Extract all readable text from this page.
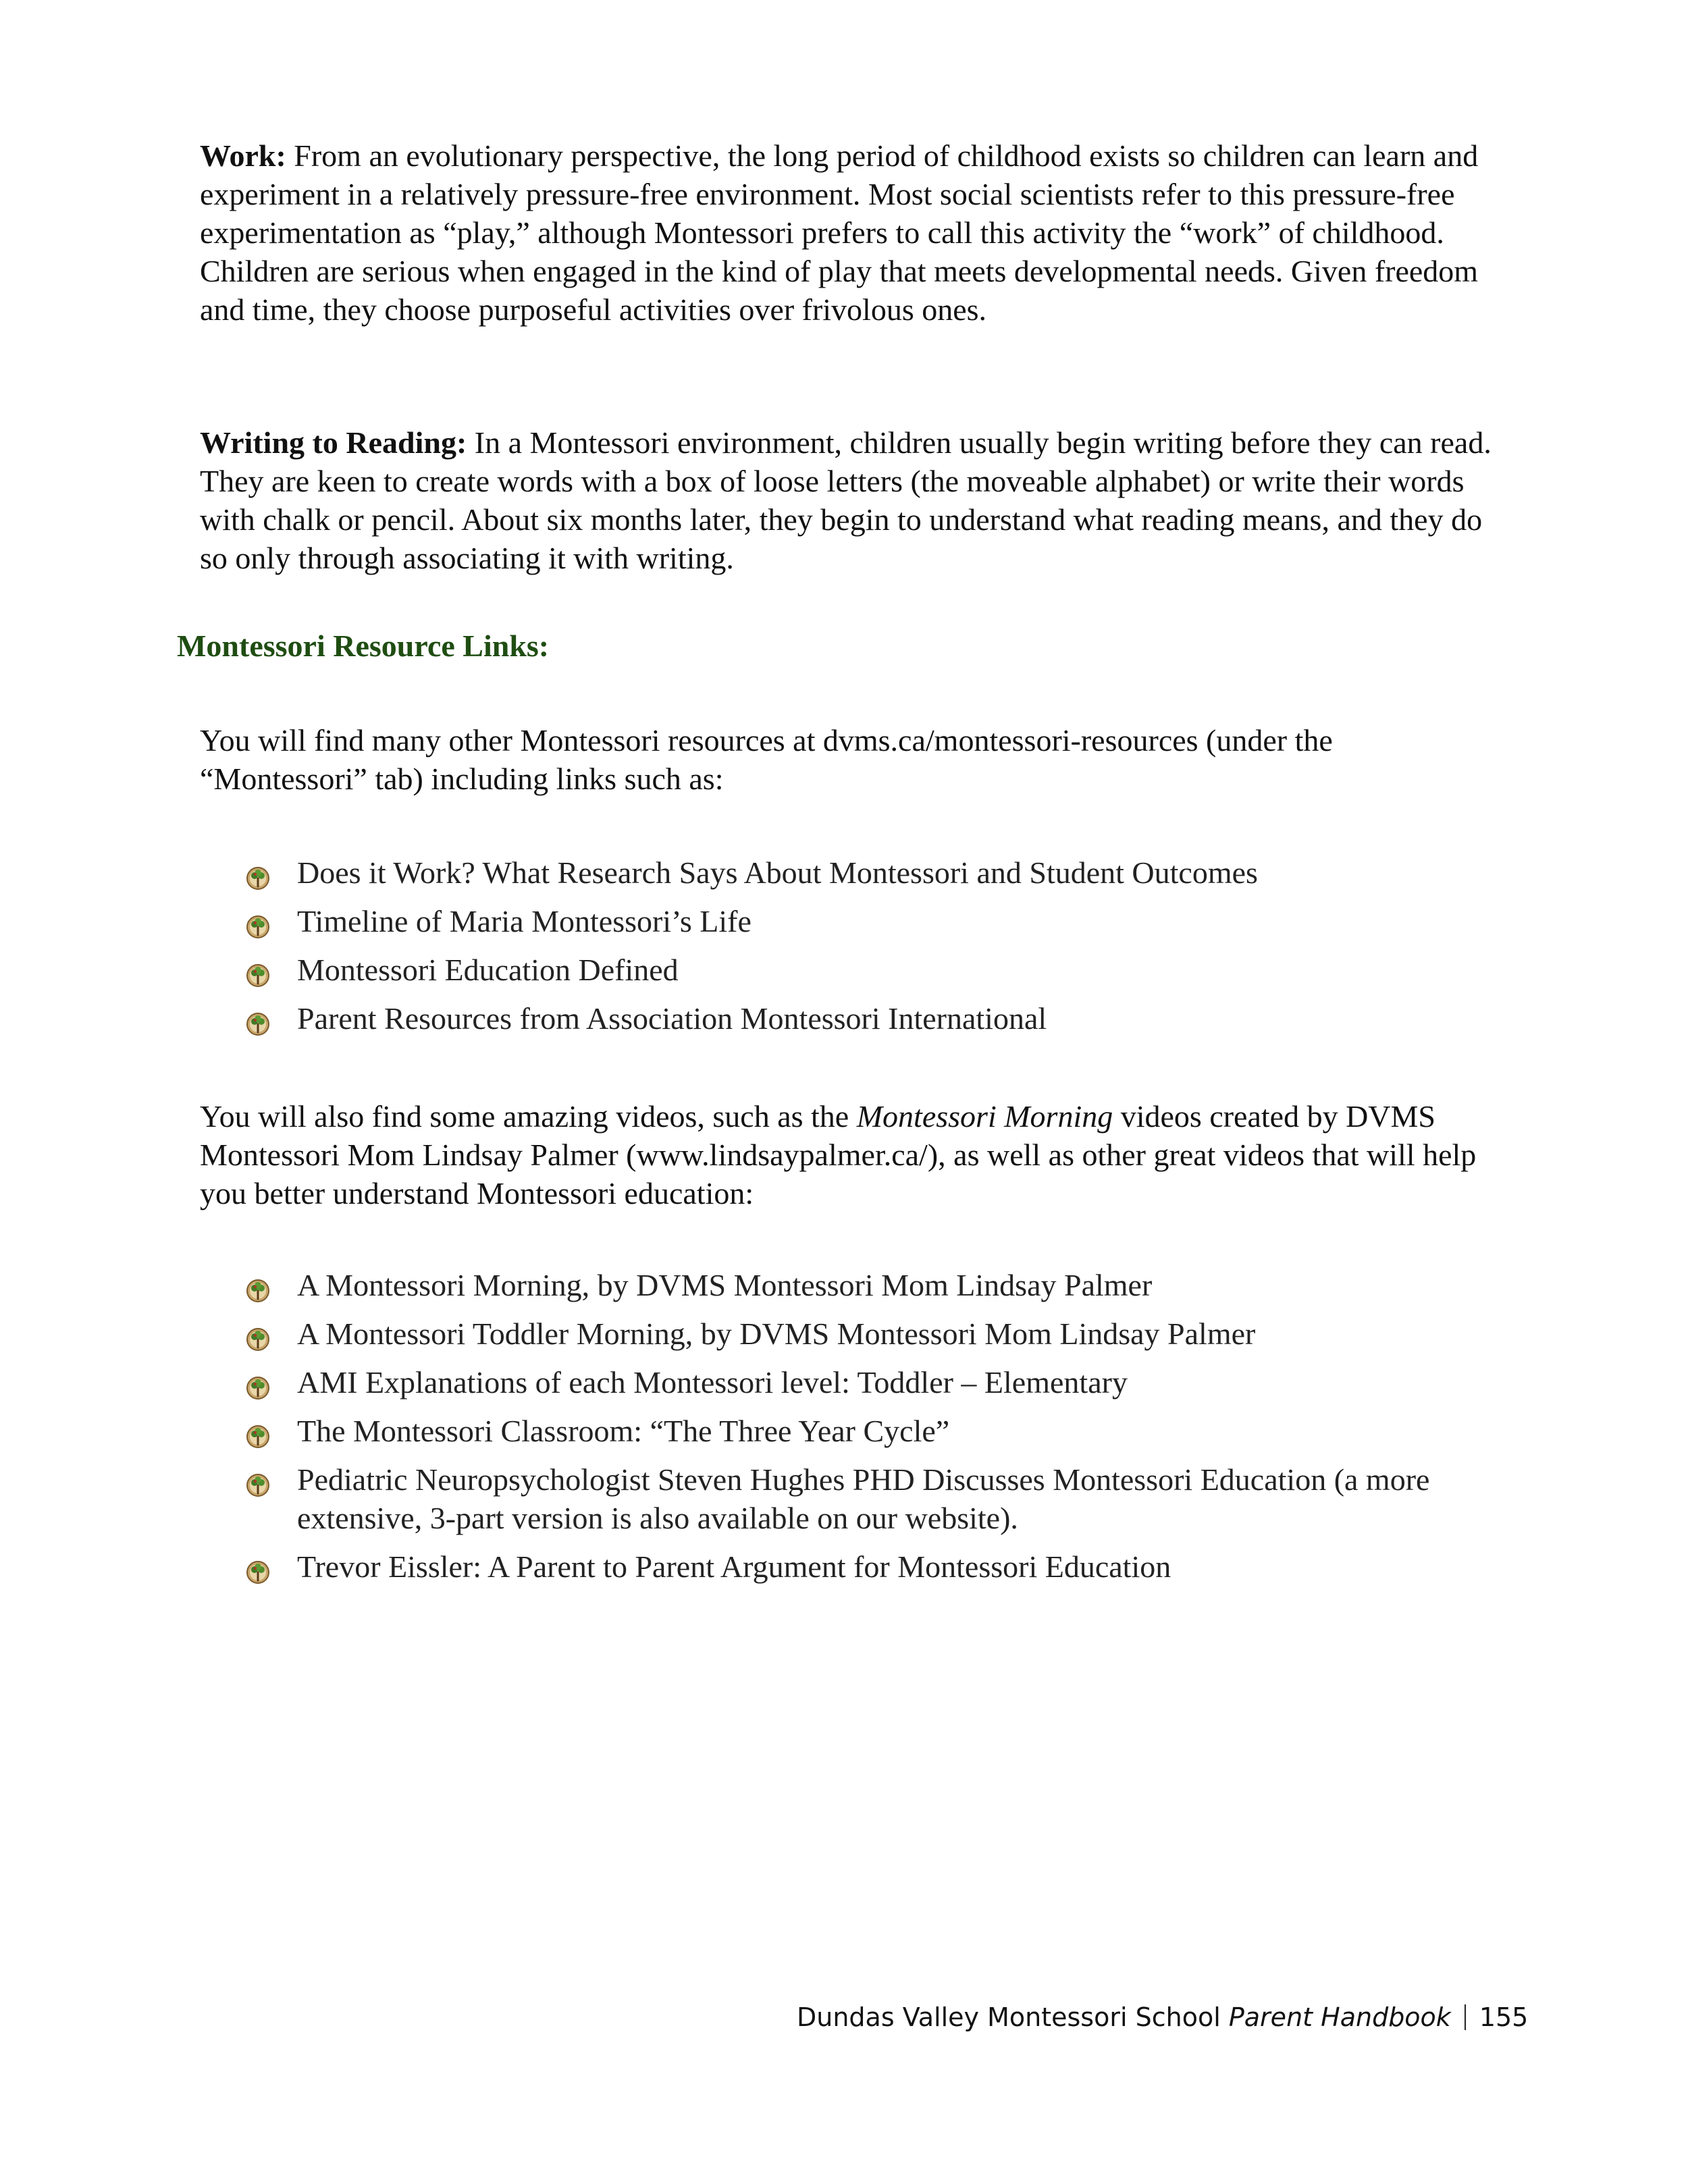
Work: From an evolutionary perspective, the long period of childhood exists so children can learn and experiment in a relatively pressure-free environment. Most social scientists refer to this pressure-free experimentation as “play,” although Montessori prefers to call this activity the “work” of childhood. Children are serious when engaged in the kind of play that meets developmental needs. Given freedom and time, they choose purposeful activities over frivolous ones.

Writing to Reading: In a Montessori environment, children usually begin writing before they can read. They are keen to create words with a box of loose letters (the moveable alphabet) or write their words with chalk or pencil. About six months later, they begin to understand what reading means, and they do so only through associating it with writing.

Montessori Resource Links:

You will find many other Montessori resources at dvms.ca/montessori-resources (under the “Montessori” tab) including links such as:

Does it Work? What Research Says About Montessori and Student Outcomes
Timeline of Maria Montessori’s Life
Montessori Education Defined
Parent Resources from Association Montessori International

You will also find some amazing videos, such as the Montessori Morning videos created by DVMS Montessori Mom Lindsay Palmer (www.lindsaypalmer.ca/), as well as other great videos that will help you better understand Montessori education:

A Montessori Morning, by DVMS Montessori Mom Lindsay Palmer
A Montessori Toddler Morning, by DVMS Montessori Mom Lindsay Palmer
AMI Explanations of each Montessori level: Toddler – Elementary
The Montessori Classroom: “The Three Year Cycle”
Pediatric Neuropsychologist Steven Hughes PHD Discusses Montessori Education (a more extensive, 3-part version is also available on our website).
Trevor Eissler: A Parent to Parent Argument for Montessori Education
Dundas Valley Montessori School Parent Handbook 155
